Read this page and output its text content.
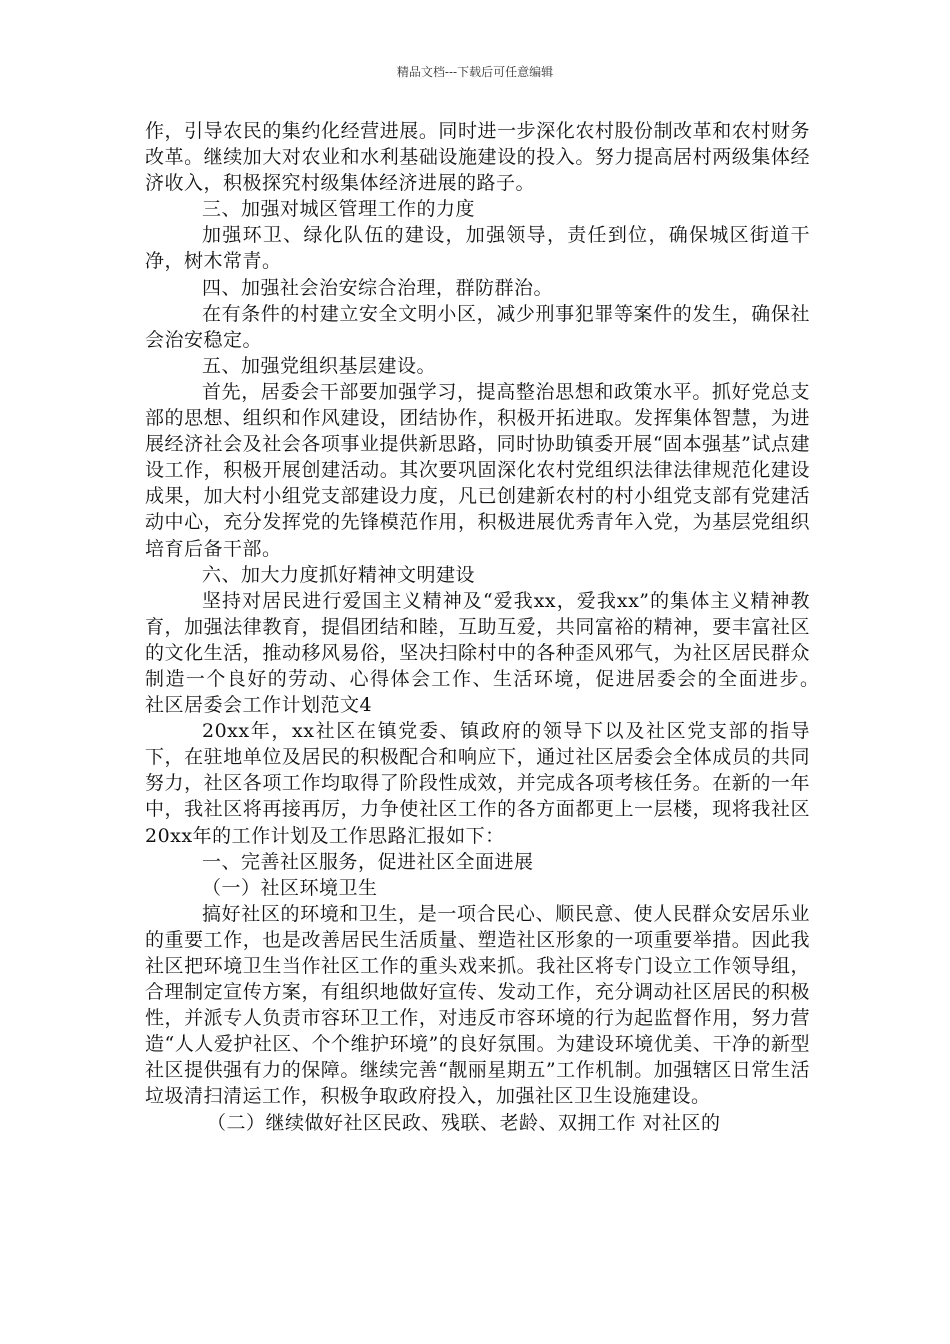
精品文档---下载后可任意编辑

作，引导农民的集约化经营进展。同时进一步深化农村股份制改革和农村财务改革。继续加大对农业和水利基础设施建设的投入。努力提高居村两级集体经济收入，积极探究村级集体经济进展的路子。

三、加强对城区管理工作的力度

加强环卫、绿化队伍的建设，加强领导，责任到位，确保城区街道干净，树木常青。

四、加强社会治安综合治理，群防群治。

在有条件的村建立安全文明小区，减少刑事犯罪等案件的发生，确保社会治安稳定。

五、加强党组织基层建设。

首先，居委会干部要加强学习，提高整治思想和政策水平。抓好党总支部的思想、组织和作风建设，团结协作，积极开拓进取。发挥集体智慧，为进展经济社会及社会各项事业提供新思路，同时协助镇委开展“固本强基”试点建设工作，积极开展创建活动。其次要巩固深化农村党组织法律法律规范化建设成果，加大村小组党支部建设力度，凡已创建新农村的村小组党支部有党建活动中心，充分发挥党的先锋模范作用，积极进展优秀青年入党，为基层党组织培育后备干部。

六、加大力度抓好精神文明建设

坚持对居民进行爱国主义精神及“爱我xx，爱我xx”的集体主义精神教育，加强法律教育，提倡团结和睦，互助互爱，共同富裕的精神，要丰富社区的文化生活，推动移风易俗，坚决扫除村中的各种歪风邪气，为社区居民群众制造一个良好的劳动、心得体会工作、生活环境，促进居委会的全面进步。　　社区居委会工作计划范文4

20xx年，xx社区在镇党委、镇政府的领导下以及社区党支部的指导下，在驻地单位及居民的积极配合和响应下，通过社区居委会全体成员的共同努力，社区各项工作均取得了阶段性成效，并完成各项考核任务。在新的一年中，我社区将再接再厉，力争使社区工作的各方面都更上一层楼，现将我社区20xx年的工作计划及工作思路汇报如下：

一、完善社区服务，促进社区全面进展

（一）社区环境卫生

搞好社区的环境和卫生，是一项合民心、顺民意、使人民群众安居乐业的重要工作，也是改善居民生活质量、塑造社区形象的一项重要举措。因此我社区把环境卫生当作社区工作的重头戏来抓。我社区将专门设立工作领导组，合理制定宣传方案，有组织地做好宣传、发动工作，充分调动社区居民的积极性，并派专人负责市容环卫工作，对违反市容环境的行为起监督作用，努力营造“人人爱护社区、个个维护环境”的良好氛围。为建设环境优美、干净的新型社区提供强有力的保障。继续完善“靓丽星期五”工作机制。加强辖区日常生活垃圾清扫清运工作，积极争取政府投入，加强社区卫生设施建设。

（二）继续做好社区民政、残联、老龄、双拥工作 对社区的
